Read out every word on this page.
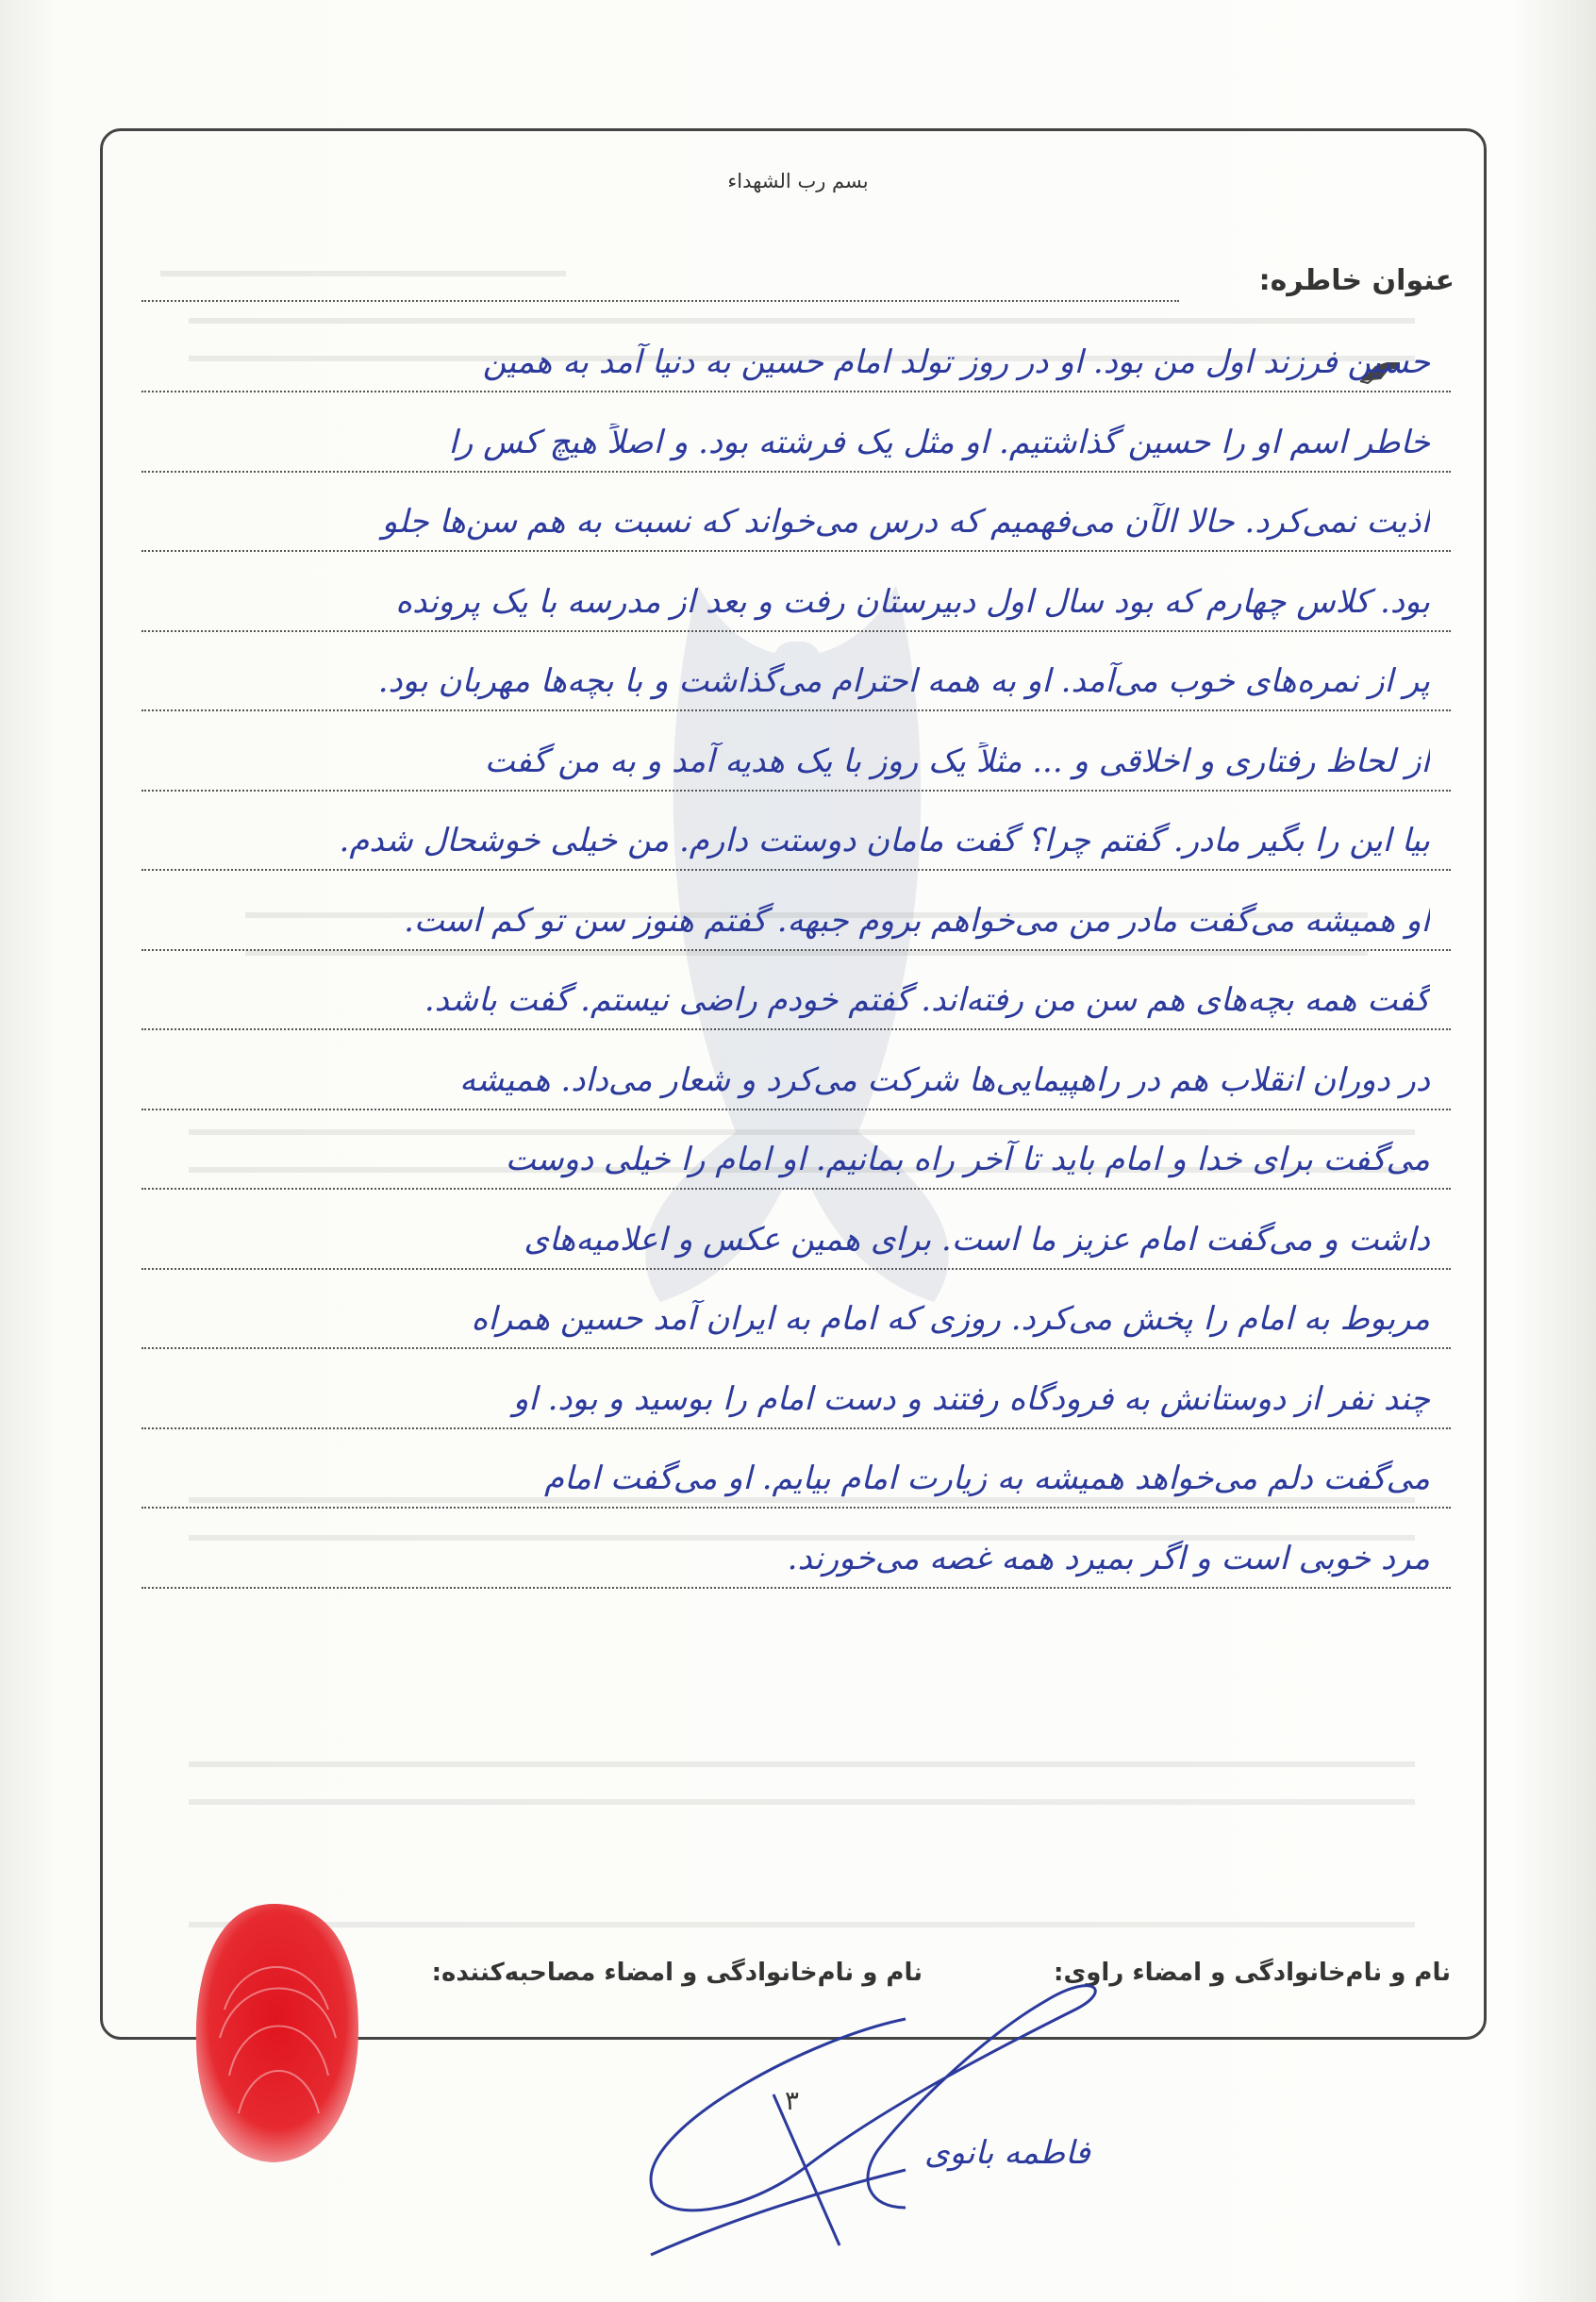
بسم رب الشهداء
عنوان خاطره:
حسین فرزند اول من بود. او در روز تولد امام حسین به دنیا آمد به همین
خاطر اسم او را حسین گذاشتیم. او مثل یک فرشته بود. و اصلاً هیچ کس را
اذیت نمی‌کرد. حالا الآن می‌فهمیم که درس می‌خواند که نسبت به هم سن‌ها جلو
بود. کلاس چهارم که بود سال اول دبیرستان رفت و بعد از مدرسه با یک پرونده
پر از نمره‌های خوب می‌آمد. او به همه احترام می‌گذاشت و با بچه‌ها مهربان بود.
از لحاظ رفتاری و اخلاقی و ... مثلاً یک روز با یک هدیه آمد و به من گفت
بیا این را بگیر مادر. گفتم چرا؟ گفت مامان دوستت دارم. من خیلی خوشحال شدم.
او همیشه می‌گفت مادر من می‌خواهم بروم جبهه. گفتم هنوز سن تو کم است.
گفت همه بچه‌های هم سن من رفته‌اند. گفتم خودم راضی نیستم. گفت باشد.
در دوران انقلاب هم در راهپیمایی‌ها شرکت می‌کرد و شعار می‌داد. همیشه
می‌گفت برای خدا و امام باید تا آخر راه بمانیم. او امام را خیلی دوست
داشت و می‌گفت امام عزیز ما است. برای همین عکس و اعلامیه‌های
مربوط به امام را پخش می‌کرد. روزی که امام به ایران آمد حسین همراه
چند نفر از دوستانش به فرودگاه رفتند و دست امام را بوسید و بود. او
می‌گفت دلم می‌خواهد همیشه به زیارت امام بیایم. او می‌گفت امام
مرد خوبی است و اگر بمیرد همه غصه می‌خورند.
نام و نام‌خانوادگی و امضاء راوی:
نام و نام‌خانوادگی و امضاء مصاحبه‌کننده:
۳
فاطمه بانوی
